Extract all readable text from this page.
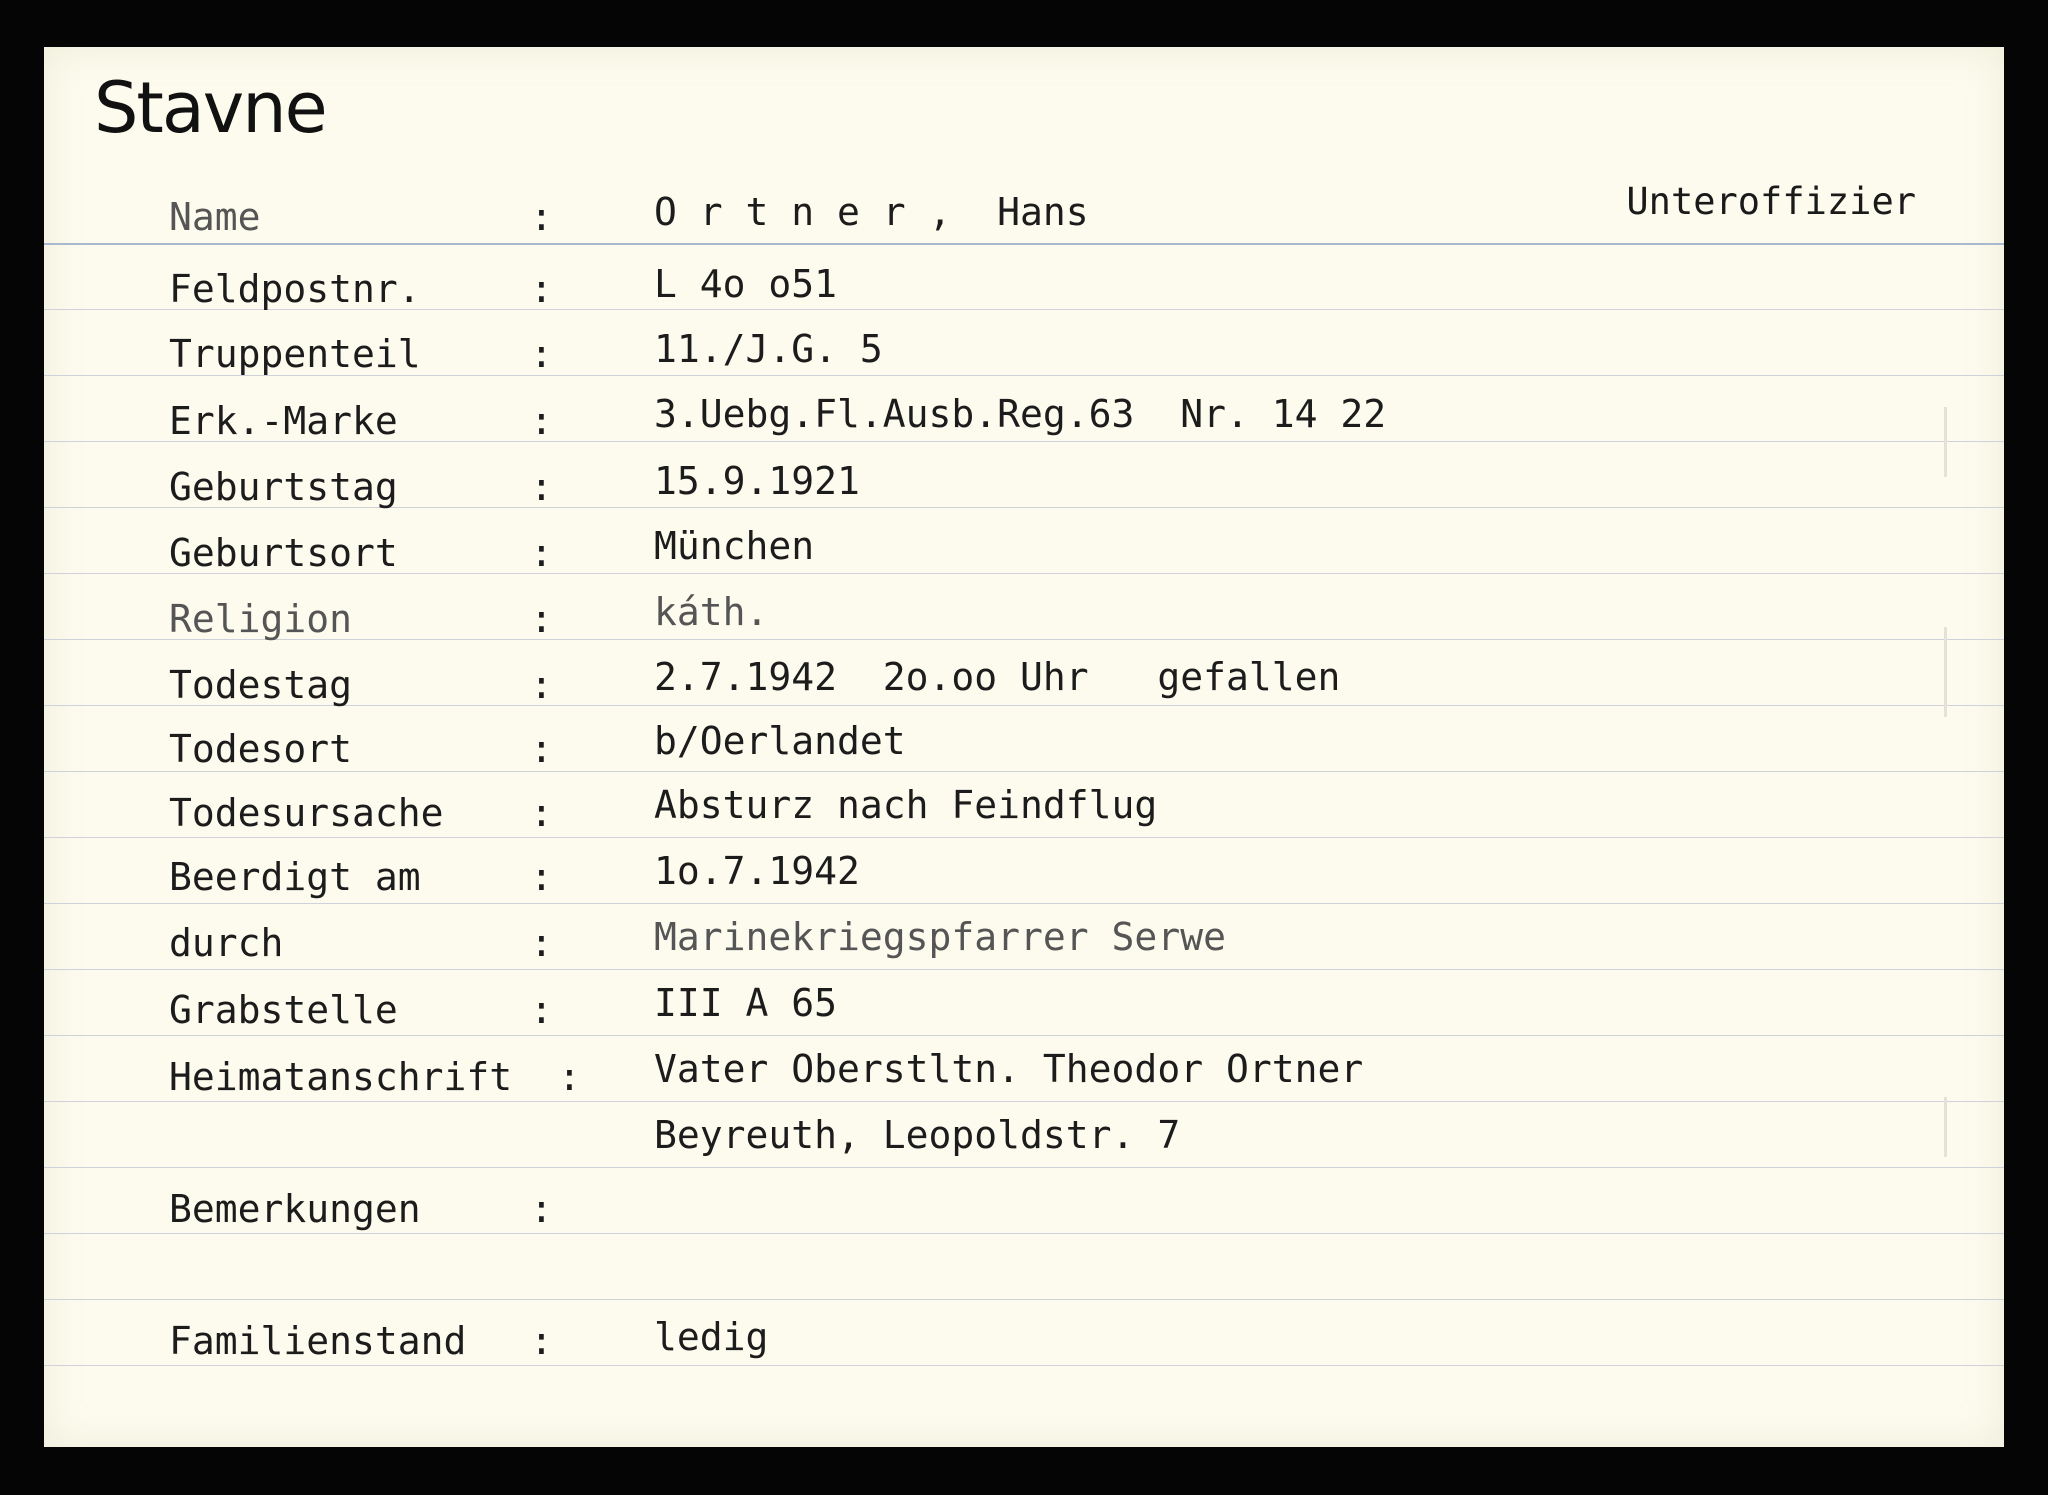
Stavne
Unteroffizier
Name	:	O r t n e r ,  Hans
Feldpostnr.	:	L 4o o51
Truppenteil	:	11./J.G. 5
Erk.-Marke	:	3.Uebg.Fl.Ausb.Reg.63  Nr. 14 22
Geburtstag	:	15.9.1921
Geburtsort	:	München
Religion	:	káth.
Todestag	:	2.7.1942  2o.oo Uhr   gefallen
Todesort	:	b/Oerlandet
Todesursache :	Absturz nach Feindflug
Beerdigt am	:	1o.7.1942
durch	:	Marinekriegspfarrer Serwe
Grabstelle	:	III A 65
Heimatanschrift : Vater Oberstltn. Theodor Ortner
Beyreuth, Leopoldstr. 7
Bemerkungen	:
Familienstand :	ledig
